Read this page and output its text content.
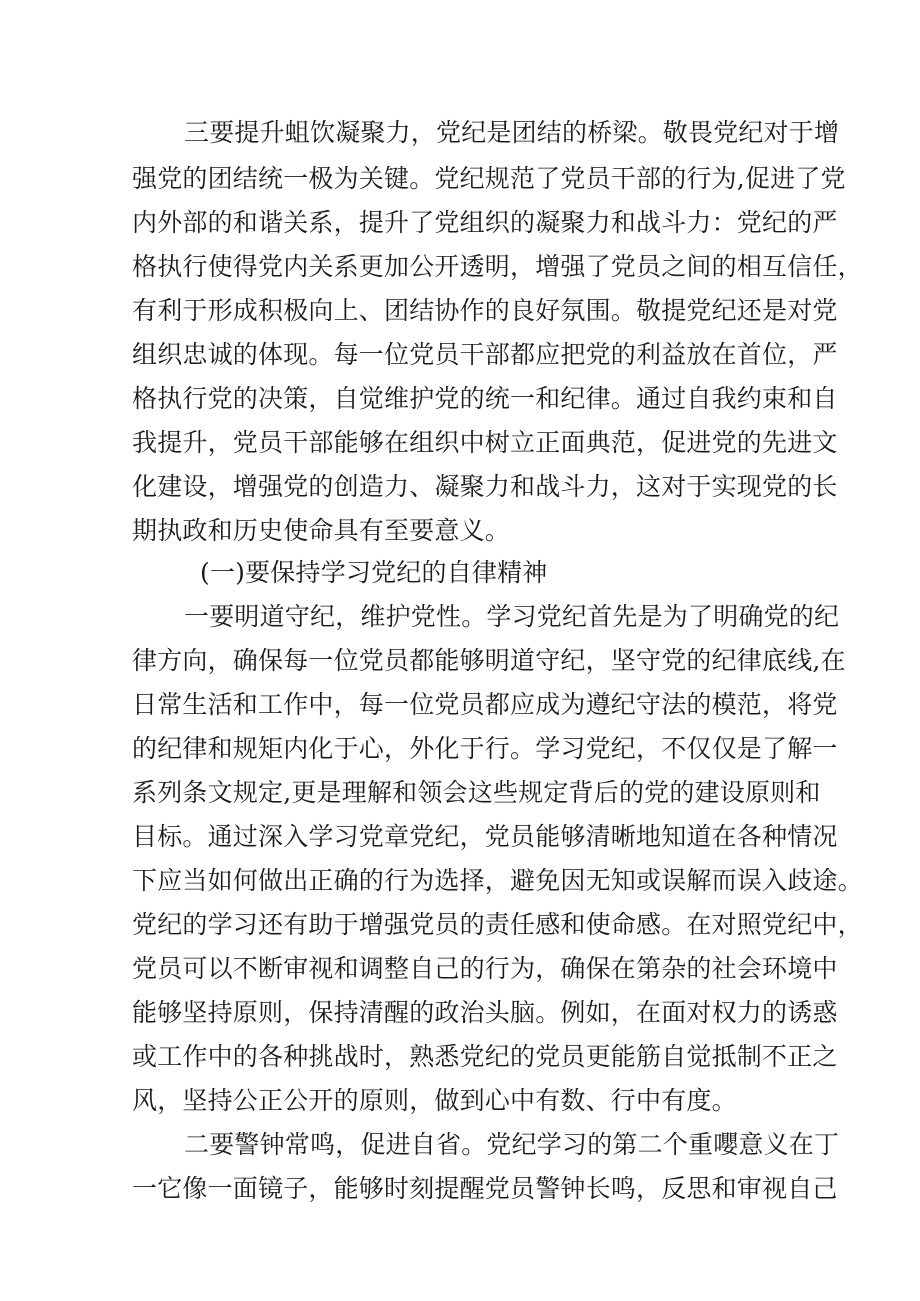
三要提升蛆饮凝聚力，党纪是团结的桥梁。敬畏党纪对于增
强党的团结统一极为关键。党纪规范了党员干部的行为,促进了党
内外部的和谐关系，提升了党组织的凝聚力和战斗力：党纪的严
格执行使得党内关系更加公开透明，增强了党员之间的相互信任，
有利于形成积极向上、团结协作的良好氛围。敬提党纪还是对党
组织忠诚的体现。每一位党员干部都应把党的利益放在首位，严
格执行党的决策，自觉维护党的统一和纪律。通过自我约束和自
我提升，党员干部能够在组织中树立正面典范，促进党的先进文
化建设，增强党的创造力、凝聚力和战斗力，这对于实现党的长
期执政和历史使命具有至要意义。
(一)要保持学习党纪的自律精神
一要明道守纪，维护党性。学习党纪首先是为了明确党的纪
律方向，确保每一位党员都能够明道守纪，坚守党的纪律底线,在
日常生活和工作中，每一位党员都应成为遵纪守法的模范，将党
的纪律和规矩内化于心，外化于行。学习党纪，不仅仅是了解一
系列条文规定,更是理解和领会这些规定背后的党的建设原则和
目标。通过深入学习党章党纪，党员能够清晰地知道在各种情况
下应当如何做出正确的行为选择，避免因无知或误解而误入歧途。
党纪的学习还有助于增强党员的责任感和使命感。在对照党纪中，
党员可以不断审视和调整自己的行为，确保在第杂的社会环境中
能够坚持原则，保持清醒的政治头脑。例如，在面对权力的诱惑
或工作中的各种挑战时，熟悉党纪的党员更能筋自觉抵制不正之
风，坚持公正公开的原则，做到心中有数、行中有度。
二要警钟常鸣，促进自省。党纪学习的第二个重嚶意义在丁
一它像一面镜子，能够时刻提醒党员警钟长鸣，反思和审视自己
